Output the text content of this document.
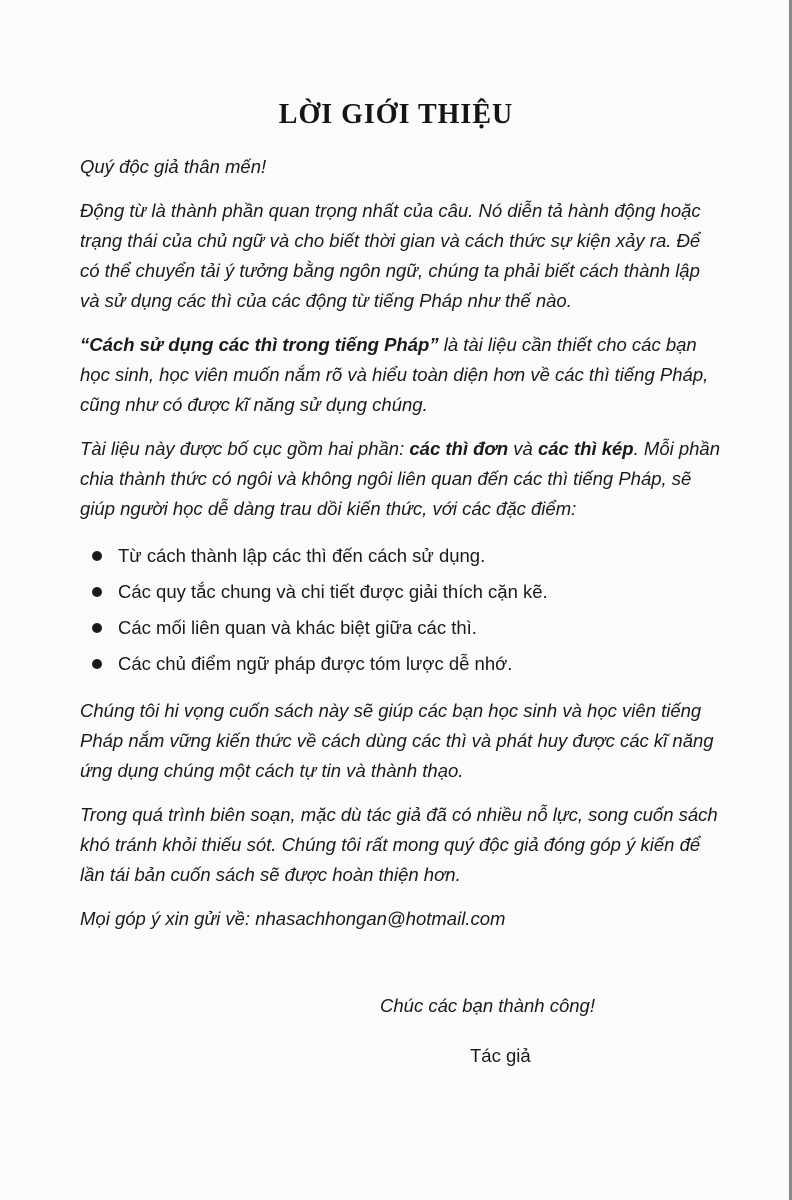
LỜI GIỚI THIỆU

Quý độc giả thân mến!

Động từ là thành phần quan trọng nhất của câu. Nó diễn tả hành động hoặc trạng thái của chủ ngữ và cho biết thời gian và cách thức sự kiện xảy ra. Để có thể chuyển tải ý tưởng bằng ngôn ngữ, chúng ta phải biết cách thành lập và sử dụng các thì của các động từ tiếng Pháp như thế nào.

“Cách sử dụng các thì trong tiếng Pháp” là tài liệu cần thiết cho các bạn học sinh, học viên muốn nắm rõ và hiểu toàn diện hơn về các thì tiếng Pháp, cũng như có được kĩ năng sử dụng chúng.

Tài liệu này được bố cục gồm hai phần: các thì đơn và các thì kép. Mỗi phần chia thành thức có ngôi và không ngôi liên quan đến các thì tiếng Pháp, sẽ giúp người học dễ dàng trau dồi kiến thức, với các đặc điểm:

Từ cách thành lập các thì đến cách sử dụng.
Các quy tắc chung và chi tiết được giải thích cặn kẽ.
Các mối liên quan và khác biệt giữa các thì.
Các chủ điểm ngữ pháp được tóm lược dễ nhớ.

Chúng tôi hi vọng cuốn sách này sẽ giúp các bạn học sinh và học viên tiếng Pháp nắm vững kiến thức về cách dùng các thì và phát huy được các kĩ năng ứng dụng chúng một cách tự tin và thành thạo.

Trong quá trình biên soạn, mặc dù tác giả đã có nhiều nỗ lực, song cuốn sách khó tránh khỏi thiếu sót. Chúng tôi rất mong quý độc giả đóng góp ý kiến để lần tái bản cuốn sách sẽ được hoàn thiện hơn.

Mọi góp ý xin gửi về: nhasachhongan@hotmail.com

Chúc các bạn thành công!
Tác giả
